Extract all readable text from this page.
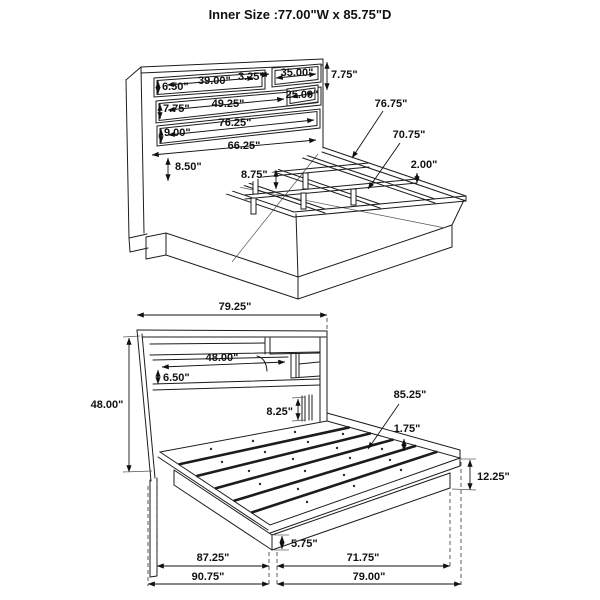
Inner Size :77.00"W x 85.75"D
6.50" 39.00" 3.25" 35.00" 7.75"
7.75" 49.25"
25.00"
9.00"
76.25"
66.25"
8.50"
8.75"
76.75"
70.75"
2.00"
79.25"
48.00"
48.00"
6.50"
8.25"
85.25"
1.75"
12.25"
5.75"
87.25"	71.75"
90.75"	79.00"
